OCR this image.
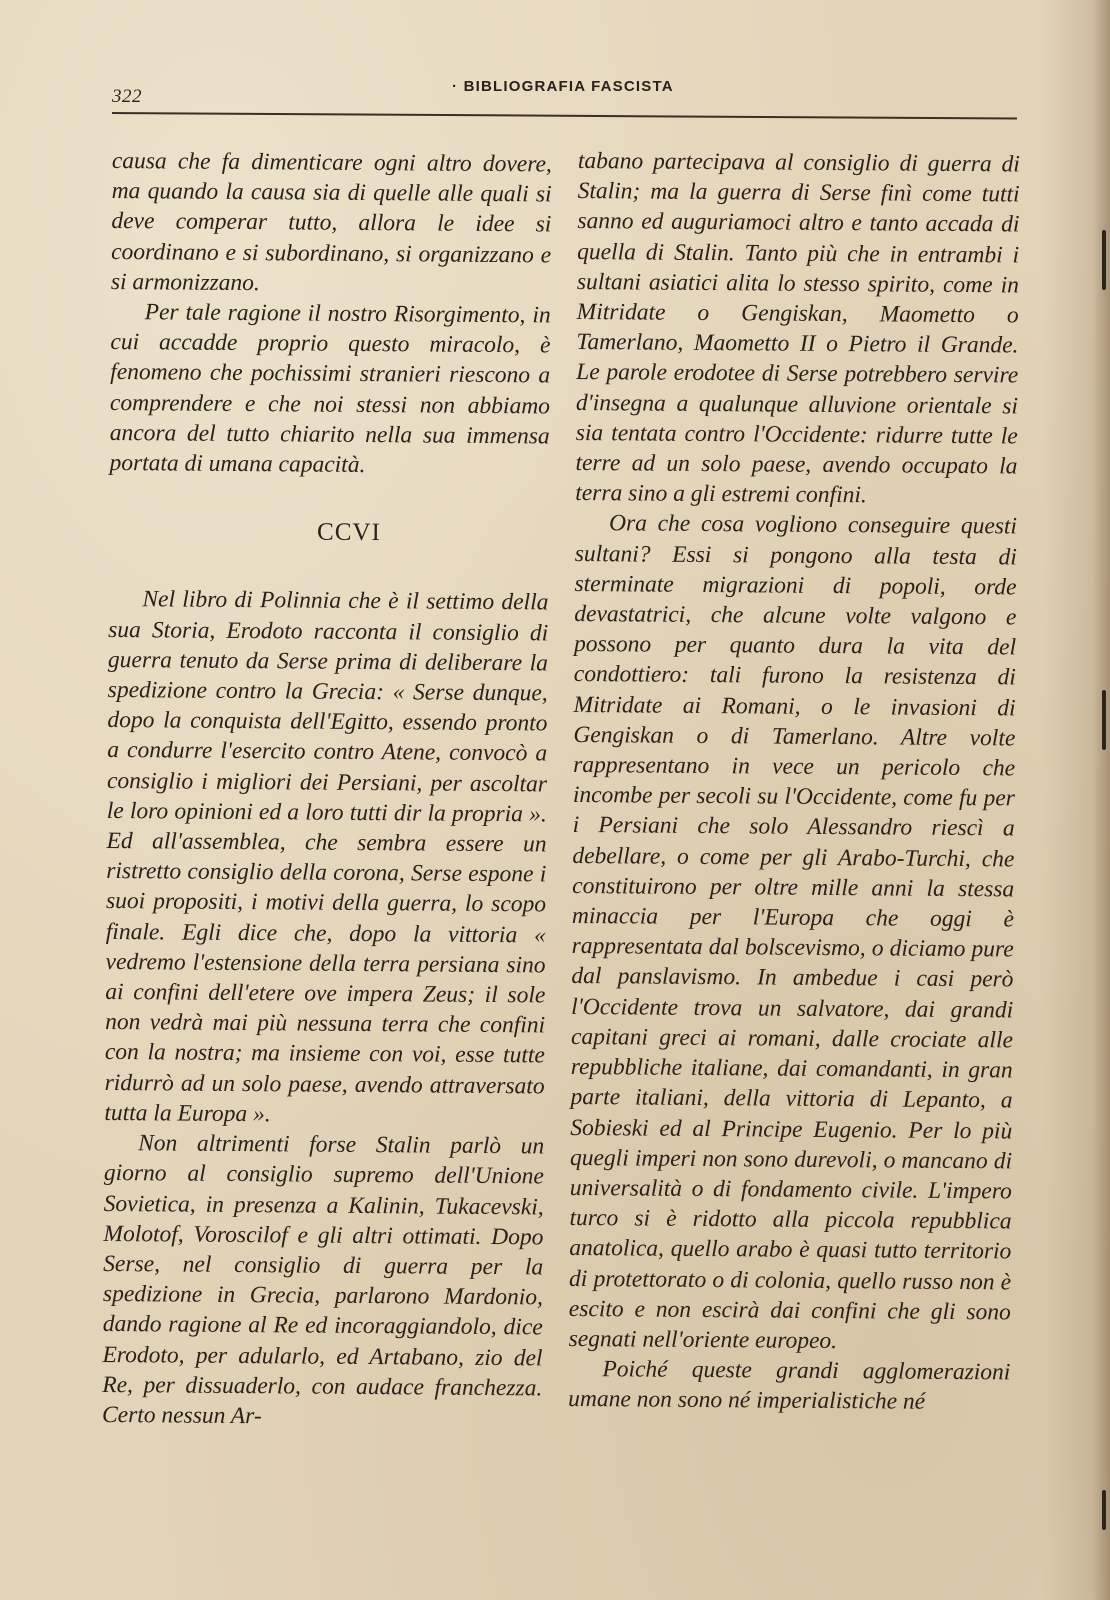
322	· BIBLIOGRAFIA FASCISTA

causa che fa dimenticare ogni altro dovere, ma quando la causa sia di quelle alle quali si deve comperar tutto, allora le idee si coordinano e si subordinano, si organizzano e si armonizzano.

Per tale ragione il nostro Risorgimento, in cui accadde proprio questo miracolo, è fenomeno che pochissimi stranieri riescono a comprendere e che noi stessi non abbiamo ancora del tutto chiarito nella sua immensa portata di umana capacità.

CCVI

Nel libro di Polinnia che è il settimo della sua Storia, Erodoto racconta il consiglio di guerra tenuto da Serse prima di deliberare la spedizione contro la Grecia: « Serse dunque, dopo la conquista dell'Egitto, essendo pronto a condurre l'esercito contro Atene, convocò a consiglio i migliori dei Persiani, per ascoltar le loro opinioni ed a loro tutti dir la propria ». Ed all'assemblea, che sembra essere un ristretto consiglio della corona, Serse espone i suoi propositi, i motivi della guerra, lo scopo finale. Egli dice che, dopo la vittoria « vedremo l'estensione della terra persiana sino ai confini dell'etere ove impera Zeus; il sole non vedrà mai più nessuna terra che confini con la nostra; ma insieme con voi, esse tutte ridurrò ad un solo paese, avendo attraversato tutta la Europa ».

Non altrimenti forse Stalin parlò un giorno al consiglio supremo dell'Unione Sovietica, in presenza a Kalinin, Tukacevski, Molotof, Voroscilof e gli altri ottimati. Dopo Serse, nel consiglio di guerra per la spedizione in Grecia, parlarono Mardonio, dando ragione al Re ed incoraggiandolo, dice Erodoto, per adularlo, ed Artabano, zio del Re, per dissuaderlo, con audace franchezza. Certo nessun Ar-

tabano partecipava al consiglio di guerra di Stalin; ma la guerra di Serse finì come tutti sanno ed auguriamoci altro e tanto accada di quella di Stalin. Tanto più che in entrambi i sultani asiatici alita lo stesso spirito, come in Mitridate o Gengiskan, Maometto o Tamerlano, Maometto II o Pietro il Grande. Le parole erodotee di Serse potrebbero servire d'insegna a qualunque alluvione orientale si sia tentata contro l'Occidente: ridurre tutte le terre ad un solo paese, avendo occupato la terra sino a gli estremi confini.

Ora che cosa vogliono conseguire questi sultani? Essi si pongono alla testa di sterminate migrazioni di popoli, orde devastatrici, che alcune volte valgono e possono per quanto dura la vita del condottiero: tali furono la resistenza di Mitridate ai Romani, o le invasioni di Gengiskan o di Tamerlano. Altre volte rappresentano in vece un pericolo che incombe per secoli su l'Occidente, come fu per i Persiani che solo Alessandro riescì a debellare, o come per gli Arabo-Turchi, che constituirono per oltre mille anni la stessa minaccia per l'Europa che oggi è rappresentata dal bolscevismo, o diciamo pure dal panslavismo. In ambedue i casi però l'Occidente trova un salvatore, dai grandi capitani greci ai romani, dalle crociate alle repubbliche italiane, dai comandanti, in gran parte italiani, della vittoria di Lepanto, a Sobieski ed al Principe Eugenio. Per lo più quegli imperi non sono durevoli, o mancano di universalità o di fondamento civile. L'impero turco si è ridotto alla piccola repubblica anatolica, quello arabo è quasi tutto territorio di protettorato o di colonia, quello russo non è escito e non escirà dai confini che gli sono segnati nell'oriente europeo.

Poiché queste grandi agglomerazioni umane non sono né imperialistiche né
